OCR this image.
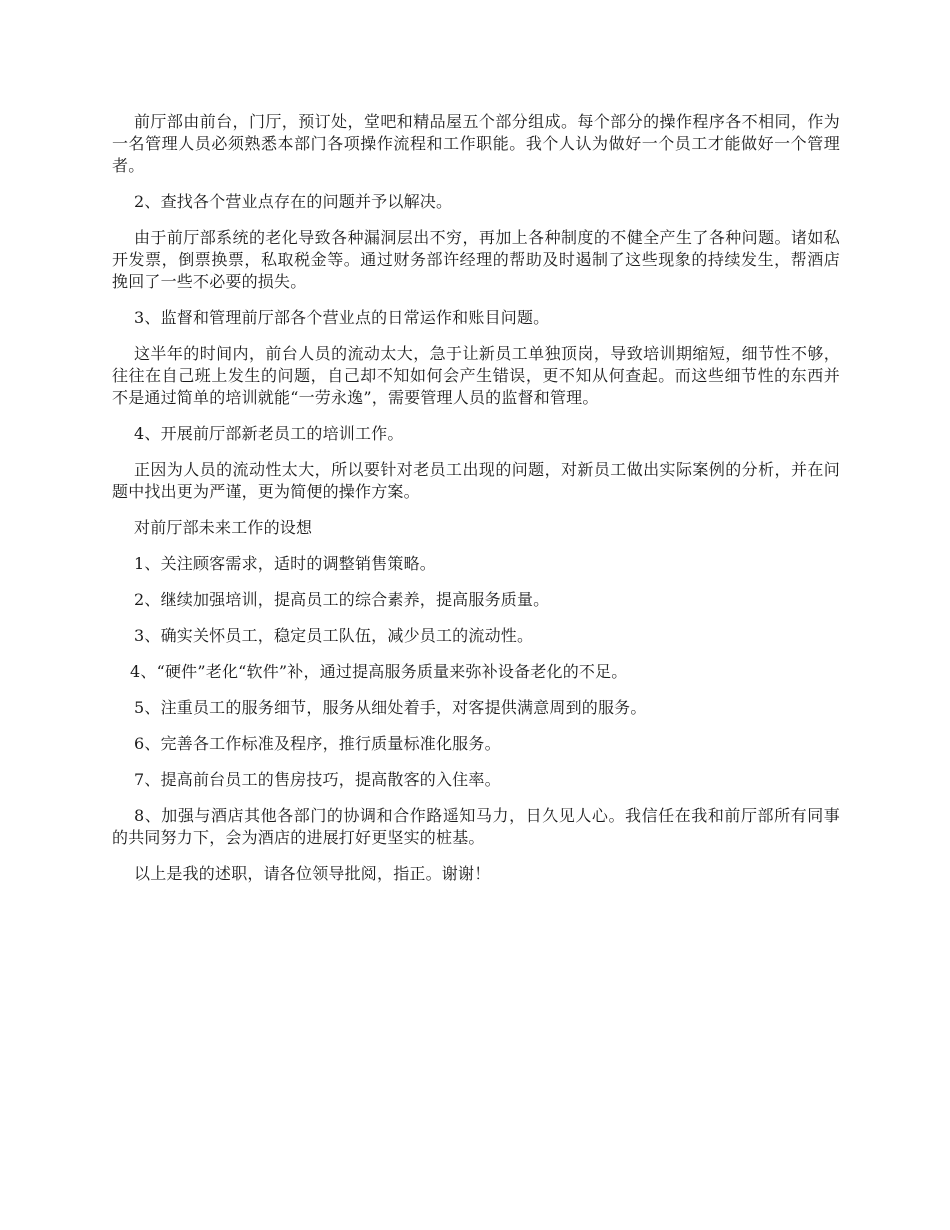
前厅部由前台，门厅，预订处，堂吧和精品屋五个部分组成。每个部分的操作程序各不相同，作为一名管理人员必须熟悉本部门各项操作流程和工作职能。我个人认为做好一个员工才能做好一个管理者。

2、查找各个营业点存在的问题并予以解决。

由于前厅部系统的老化导致各种漏洞层出不穷，再加上各种制度的不健全产生了各种问题。诸如私开发票，倒票换票，私取税金等。通过财务部许经理的帮助及时遏制了这些现象的持续发生，帮酒店挽回了一些不必要的损失。

3、监督和管理前厅部各个营业点的日常运作和账目问题。

这半年的时间内，前台人员的流动太大，急于让新员工单独顶岗，导致培训期缩短，细节性不够，往往在自己班上发生的问题，自己却不知如何会产生错误，更不知从何查起。而这些细节性的东西并不是通过简单的培训就能“一劳永逸”，需要管理人员的监督和管理。

4、开展前厅部新老员工的培训工作。

正因为人员的流动性太大，所以要针对老员工出现的问题，对新员工做出实际案例的分析，并在问题中找出更为严谨，更为简便的操作方案。

对前厅部未来工作的设想

1、关注顾客需求，适时的调整销售策略。

2、继续加强培训，提高员工的综合素养，提高服务质量。

3、确实关怀员工，稳定员工队伍，减少员工的流动性。

4、“硬件”老化“软件”补，通过提高服务质量来弥补设备老化的不足。

5、注重员工的服务细节，服务从细处着手，对客提供满意周到的服务。

6、完善各工作标准及程序，推行质量标准化服务。

7、提高前台员工的售房技巧，提高散客的入住率。

8、加强与酒店其他各部门的协调和合作路遥知马力，日久见人心。我信任在我和前厅部所有同事的共同努力下，会为酒店的进展打好更坚实的桩基。

以上是我的述职，请各位领导批阅，指正。谢谢！
